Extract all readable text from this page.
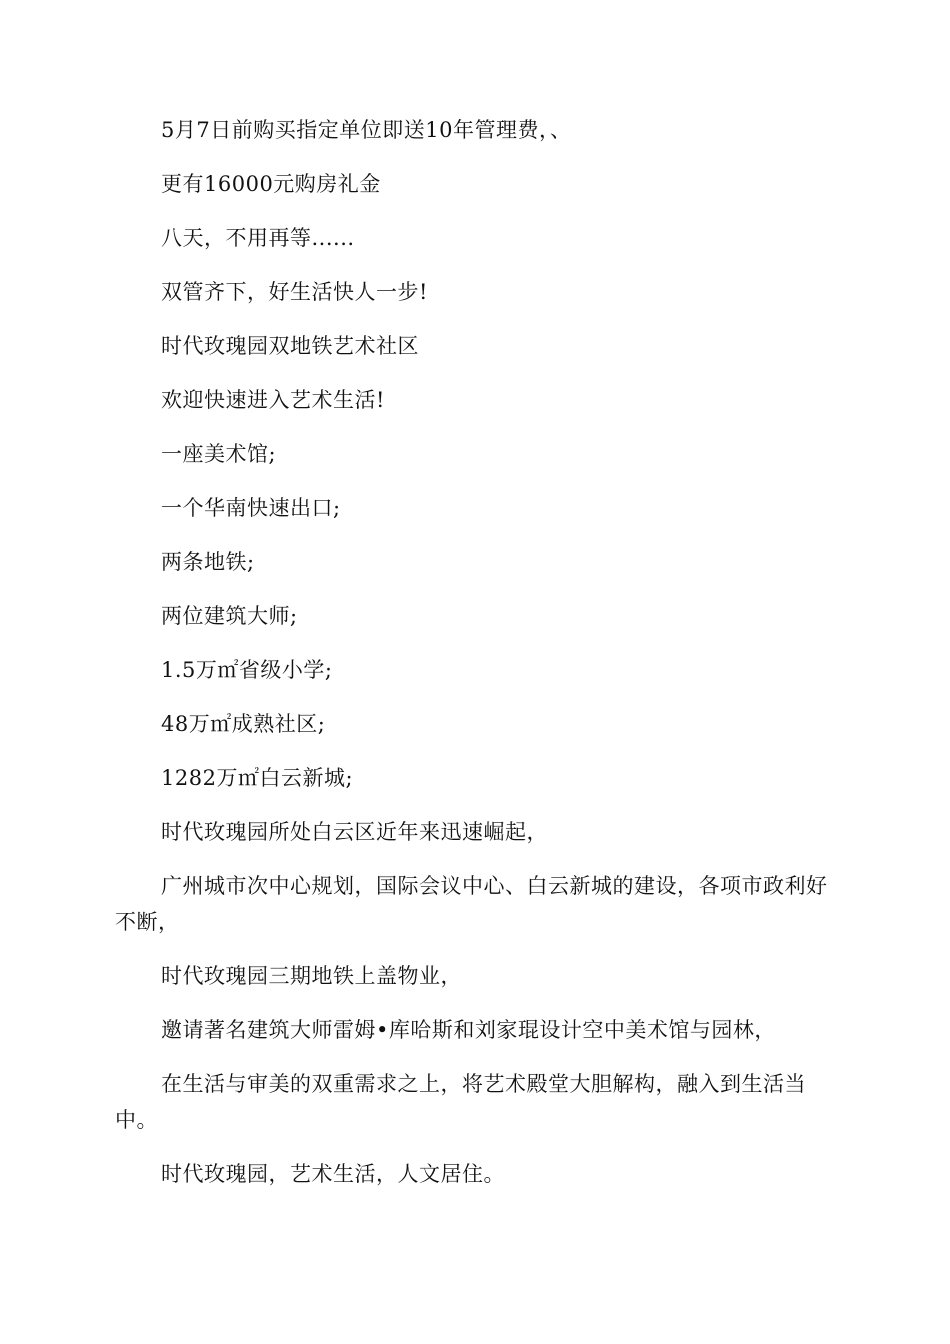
5月7日前购买指定单位即送10年管理费，、

更有16000元购房礼金

八天，不用再等......

双管齐下，好生活快人一步!

时代玫瑰园双地铁艺术社区

欢迎快速进入艺术生活!

一座美术馆;

一个华南快速出口;

两条地铁;

两位建筑大师;

1.5万㎡省级小学;

48万㎡成熟社区;

1282万㎡白云新城;

时代玫瑰园所处白云区近年来迅速崛起，

广州城市次中心规划，国际会议中心、白云新城的建设，各项市政利好不断，

时代玫瑰园三期地铁上盖物业，

邀请著名建筑大师雷姆•库哈斯和刘家琨设计空中美术馆与园林，

在生活与审美的双重需求之上，将艺术殿堂大胆解构，融入到生活当中。

时代玫瑰园，艺术生活，人文居住。
